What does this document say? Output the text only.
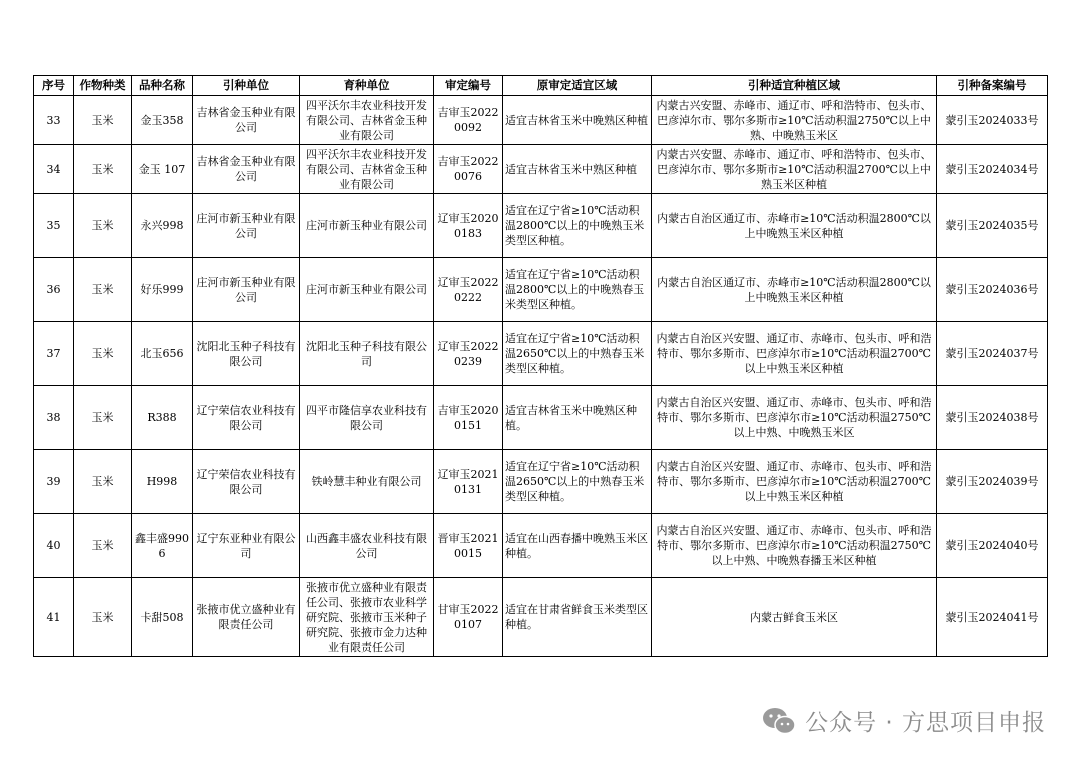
序号	作物种类	品种名称	引种单位	育种单位	审定编号	原审定适宜区域	引种适宜种植区域	引种备案编号
33	玉米	金玉358	吉林省金玉种业有限公司	四平沃尔丰农业科技开发有限公司、吉林省金玉种业有限公司	吉审玉20220092	适宜吉林省玉米中晚熟区种植	内蒙古兴安盟、赤峰市、通辽市、呼和浩特市、包头市、巴彦淖尔市、鄂尔多斯市≥10℃活动积温2750℃以上中熟、中晚熟玉米区	蒙引玉2024033号
34	玉米	金玉 107	吉林省金玉种业有限公司	四平沃尔丰农业科技开发有限公司、吉林省金玉种业有限公司	吉审玉20220076	适宜吉林省玉米中熟区种植	内蒙古兴安盟、赤峰市、通辽市、呼和浩特市、包头市、巴彦淖尔市、鄂尔多斯市≥10℃活动积温2700℃以上中熟玉米区种植	蒙引玉2024034号
35	玉米	永兴998	庄河市新玉种业有限公司	庄河市新玉种业有限公司	辽审玉20200183	适宜在辽宁省≥10℃活动积温2800℃以上的中晚熟玉米类型区种植。	内蒙古自治区通辽市、赤峰市≥10℃活动积温2800℃以上中晚熟玉米区种植	蒙引玉2024035号
36	玉米	好乐999	庄河市新玉种业有限公司	庄河市新玉种业有限公司	辽审玉20220222	适宜在辽宁省≥10℃活动积温2800℃以上的中晚熟春玉米类型区种植。	内蒙古自治区通辽市、赤峰市≥10℃活动积温2800℃以上中晚熟玉米区种植	蒙引玉2024036号
37	玉米	北玉656	沈阳北玉种子科技有限公司	沈阳北玉种子科技有限公司	辽审玉20220239	适宜在辽宁省≥10℃活动积温2650℃以上的中熟春玉米类型区种植。	内蒙古自治区兴安盟、通辽市、赤峰市、包头市、呼和浩特市、鄂尔多斯市、巴彦淖尔市≥10℃活动积温2700℃以上中熟玉米区种植	蒙引玉2024037号
38	玉米	R388	辽宁荣信农业科技有限公司	四平市隆信享农业科技有限公司	吉审玉20200151	适宜吉林省玉米中晚熟区种植。	内蒙古自治区兴安盟、通辽市、赤峰市、包头市、呼和浩特市、鄂尔多斯市、巴彦淖尔市≥10℃活动积温2750℃以上中熟、中晚熟玉米区	蒙引玉2024038号
39	玉米	H998	辽宁荣信农业科技有限公司	铁岭慧丰种业有限公司	辽审玉20210131	适宜在辽宁省≥10℃活动积温2650℃以上的中熟春玉米类型区种植。	内蒙古自治区兴安盟、通辽市、赤峰市、包头市、呼和浩特市、鄂尔多斯市、巴彦淖尔市≥10℃活动积温2700℃以上中熟玉米区种植	蒙引玉2024039号
40	玉米	鑫丰盛9906	辽宁东亚种业有限公司	山西鑫丰盛农业科技有限公司	晋审玉20210015	适宜在山西春播中晚熟玉米区种植。	内蒙古自治区兴安盟、通辽市、赤峰市、包头市、呼和浩特市、鄂尔多斯市、巴彦淖尔市≥10℃活动积温2750℃以上中熟、中晚熟春播玉米区种植	蒙引玉2024040号
41	玉米	卡甜508	张掖市优立盛种业有限责任公司	张掖市优立盛种业有限责任公司、张掖市农业科学研究院、张掖市玉米种子研究院、张掖市金力达种业有限责任公司	甘审玉20220107	适宜在甘肃省鲜食玉米类型区种植。	内蒙古鲜食玉米区	蒙引玉2024041号
公众号 · 方思项目申报
